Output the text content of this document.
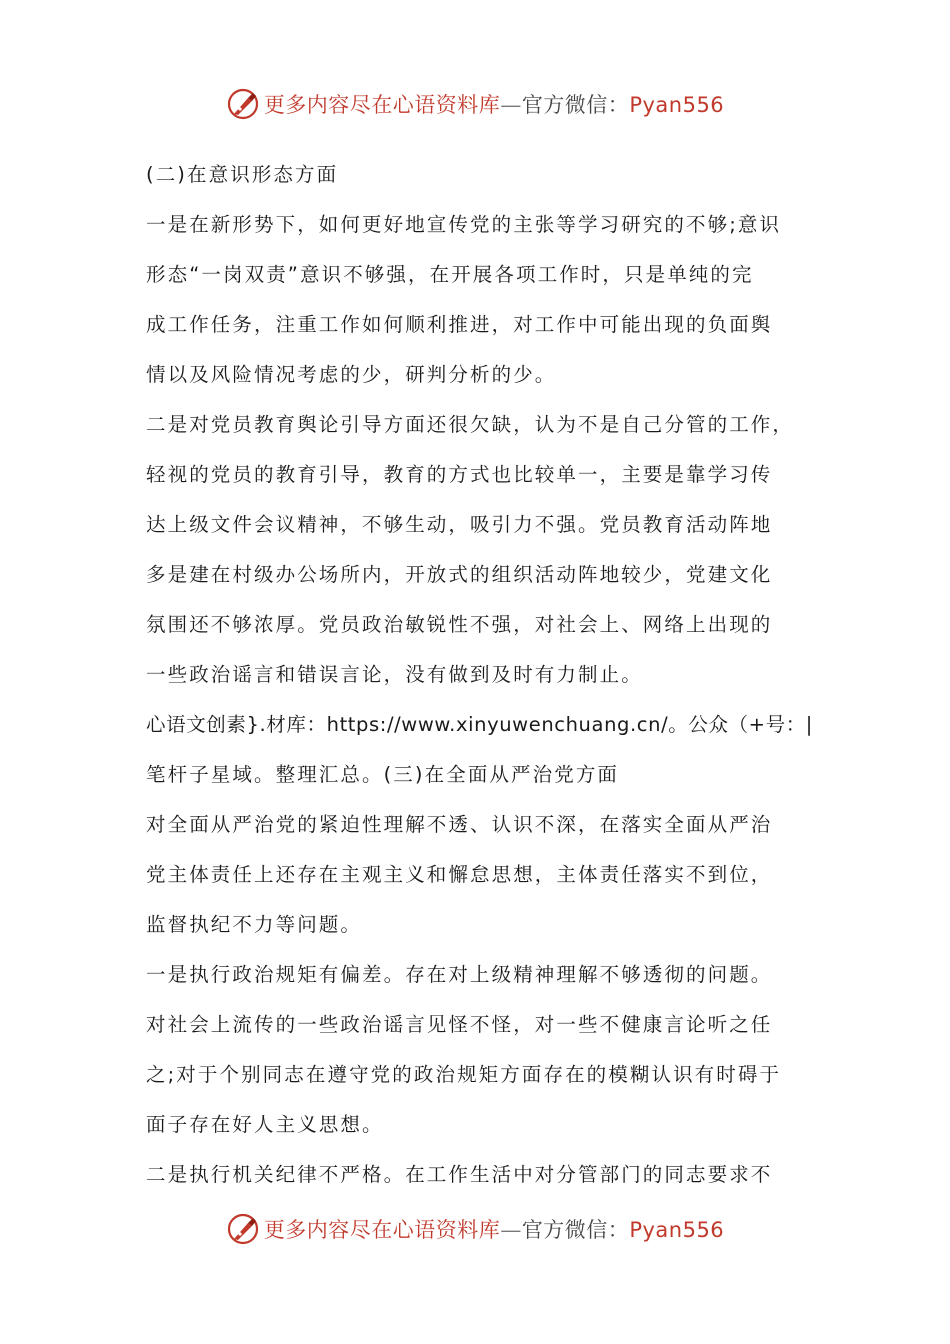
更多内容尽在心语资料库—官方微信：Pyan556
(二)在意识形态方面
一是在新形势下，如何更好地宣传党的主张等学习研究的不够;意识
形态“一岗双责”意识不够强，在开展各项工作时，只是单纯的完
成工作任务，注重工作如何顺利推进，对工作中可能出现的负面舆
情以及风险情况考虑的少，研判分析的少。
二是对党员教育舆论引导方面还很欠缺，认为不是自己分管的工作，
轻视的党员的教育引导，教育的方式也比较单一，主要是靠学习传
达上级文件会议精神，不够生动，吸引力不强。党员教育活动阵地
多是建在村级办公场所内，开放式的组织活动阵地较少，党建文化
氛围还不够浓厚。党员政治敏锐性不强，对社会上、网络上出现的
一些政治谣言和错误言论，没有做到及时有力制止。
心语文创素}.材库：https://www.xinyuwenchuang.cn/。公众（+号：|
笔杆子星域。整理汇总。(三)在全面从严治党方面
对全面从严治党的紧迫性理解不透、认识不深，在落实全面从严治
党主体责任上还存在主观主义和懈怠思想，主体责任落实不到位，
监督执纪不力等问题。
一是执行政治规矩有偏差。存在对上级精神理解不够透彻的问题。
对社会上流传的一些政治谣言见怪不怪，对一些不健康言论听之任
之;对于个别同志在遵守党的政治规矩方面存在的模糊认识有时碍于
面子存在好人主义思想。
二是执行机关纪律不严格。在工作生活中对分管部门的同志要求不
更多内容尽在心语资料库—官方微信：Pyan556
